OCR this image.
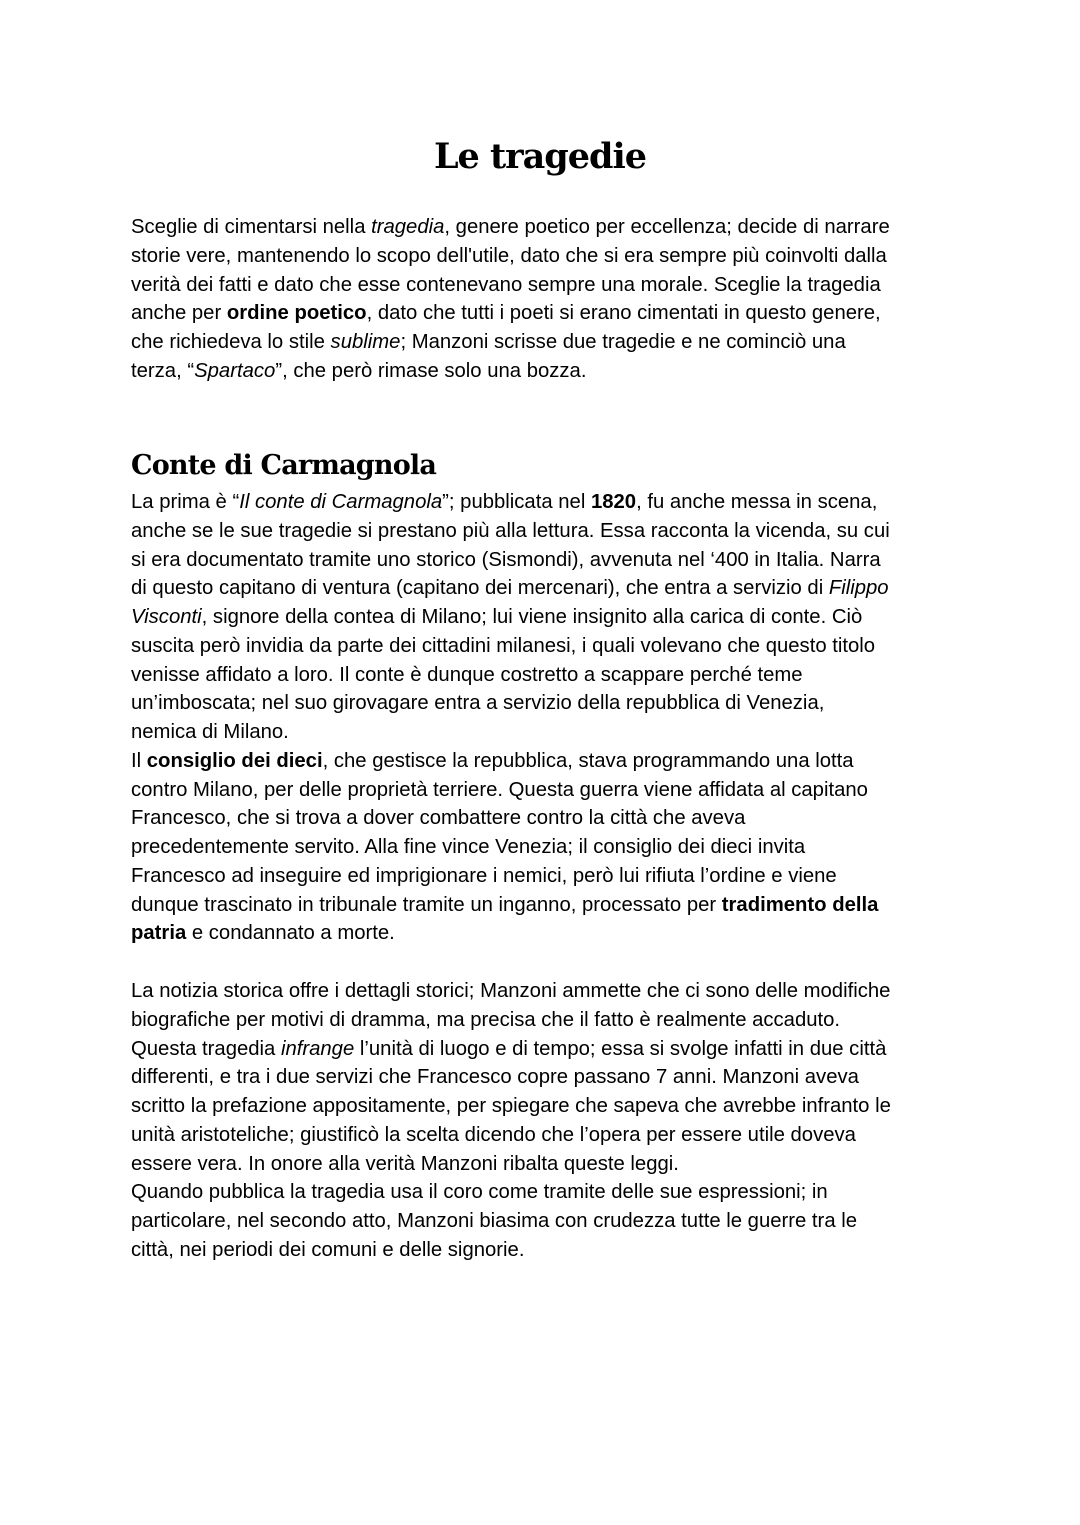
Le tragedie
Sceglie di cimentarsi nella tragedia, genere poetico per eccellenza; decide di narrare
storie vere, mantenendo lo scopo dell'utile, dato che si era sempre più coinvolti dalla
verità dei fatti e dato che esse contenevano sempre una morale. Sceglie la tragedia
anche per ordine poetico, dato che tutti i poeti si erano cimentati in questo genere,
che richiedeva lo stile sublime; Manzoni scrisse due tragedie e ne cominciò una
terza, “Spartaco”, che però rimase solo una bozza.
Conte di Carmagnola
La prima è “Il conte di Carmagnola”; pubblicata nel 1820, fu anche messa in scena,
anche se le sue tragedie si prestano più alla lettura. Essa racconta la vicenda, su cui
si era documentato tramite uno storico (Sismondi), avvenuta nel ‘400 in Italia. Narra
di questo capitano di ventura (capitano dei mercenari), che entra a servizio di Filippo
Visconti, signore della contea di Milano; lui viene insignito alla carica di conte. Ciò
suscita però invidia da parte dei cittadini milanesi, i quali volevano che questo titolo
venisse affidato a loro. Il conte è dunque costretto a scappare perché teme
un’imboscata; nel suo girovagare entra a servizio della repubblica di Venezia,
nemica di Milano.
Il consiglio dei dieci, che gestisce la repubblica, stava programmando una lotta
contro Milano, per delle proprietà terriere. Questa guerra viene affidata al capitano
Francesco, che si trova a dover combattere contro la città che aveva
precedentemente servito. Alla fine vince Venezia; il consiglio dei dieci invita
Francesco ad inseguire ed imprigionare i nemici, però lui rifiuta l’ordine e viene
dunque trascinato in tribunale tramite un inganno, processato per tradimento della
patria e condannato a morte.
La notizia storica offre i dettagli storici; Manzoni ammette che ci sono delle modifiche
biografiche per motivi di dramma, ma precisa che il fatto è realmente accaduto.
Questa tragedia infrange l’unità di luogo e di tempo; essa si svolge infatti in due città
differenti, e tra i due servizi che Francesco copre passano 7 anni. Manzoni aveva
scritto la prefazione appositamente, per spiegare che sapeva che avrebbe infranto le
unità aristoteliche; giustificò la scelta dicendo che l’opera per essere utile doveva
essere vera. In onore alla verità Manzoni ribalta queste leggi.
Quando pubblica la tragedia usa il coro come tramite delle sue espressioni; in
particolare, nel secondo atto, Manzoni biasima con crudezza tutte le guerre tra le
città, nei periodi dei comuni e delle signorie.
